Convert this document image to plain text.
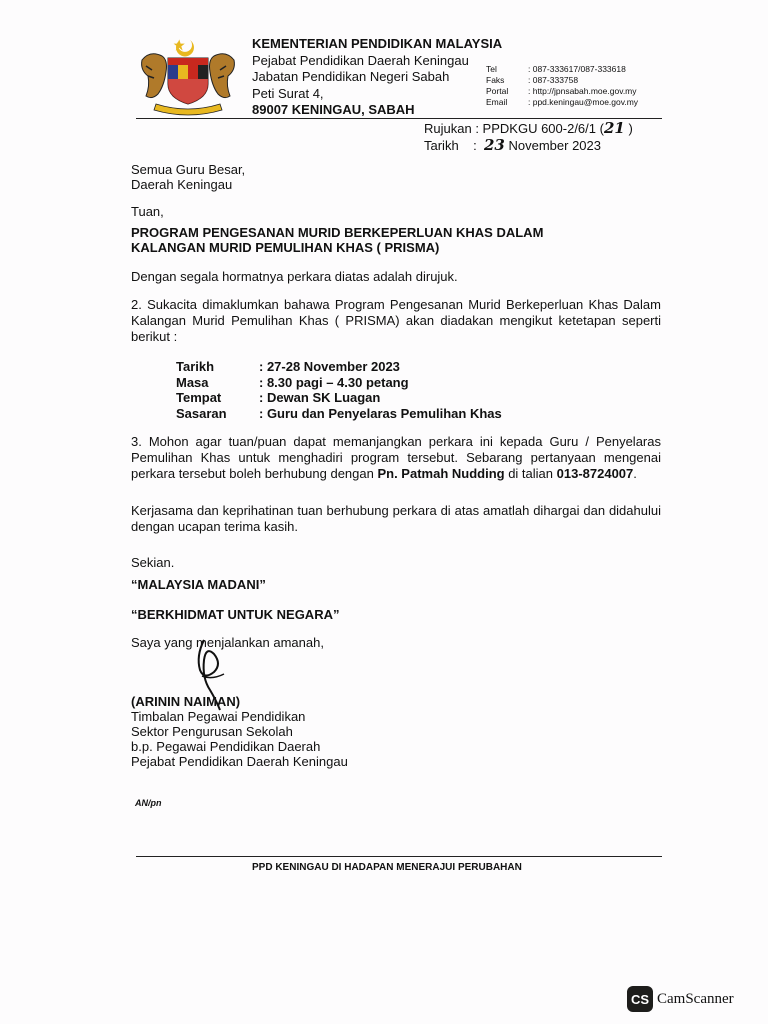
KEMENTERIAN PENDIDIKAN MALAYSIA
Pejabat Pendidikan Daerah Keningau
Jabatan Pendidikan Negeri Sabah
Peti Surat 4,
89007 KENINGAU, SABAH
Tel	: 087-333617/087-333618
Faks	: 087-333758
Portal	: http://jpnsabah.moe.gov.my
Email	: ppd.keningau@moe.gov.my
Rujukan : PPDKGU 600-2/6/1 (21 )
Tarikh : 23 November 2023
Semua Guru Besar,
Daerah Keningau
Tuan,
PROGRAM PENGESANAN MURID BERKEPERLUAN KHAS DALAM
KALANGAN MURID PEMULIHAN KHAS ( PRISMA)
Dengan segala hormatnya perkara diatas adalah dirujuk.
2. Sukacita dimaklumkan bahawa Program Pengesanan Murid Berkeperluan Khas Dalam Kalangan Murid Pemulihan Khas ( PRISMA) akan diadakan mengikut ketetapan seperti berikut :
Tarikh	: 27-28 November 2023
Masa	: 8.30 pagi – 4.30 petang
Tempat	: Dewan SK Luagan
Sasaran	: Guru dan Penyelaras Pemulihan Khas
3. Mohon agar tuan/puan dapat memanjangkan perkara ini kepada Guru / Penyelaras Pemulihan Khas untuk menghadiri program tersebut. Sebarang pertanyaan mengenai perkara tersebut boleh berhubung dengan Pn. Patmah Nudding di talian 013-8724007.
Kerjasama dan keprihatinan tuan berhubung perkara di atas amatlah dihargai dan didahului dengan ucapan terima kasih.
Sekian.
“MALAYSIA MADANI”
“BERKHIDMAT UNTUK NEGARA”
Saya yang menjalankan amanah,
(ARININ NAIMAN)
Timbalan Pegawai Pendidikan
Sektor Pengurusan Sekolah
b.p. Pegawai Pendidikan Daerah
Pejabat Pendidikan Daerah Keningau
AN/pn
PPD KENINGAU DI HADAPAN MENERAJUI PERUBAHAN
CS CamScanner
